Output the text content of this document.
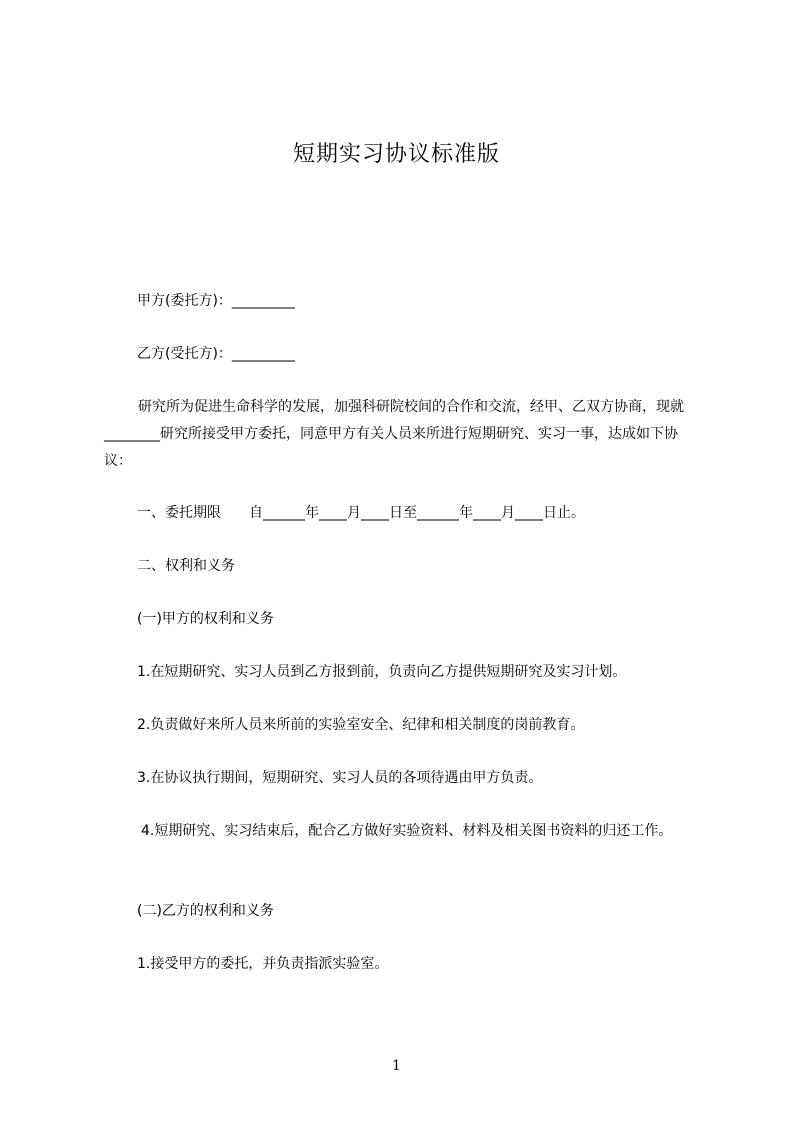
短期实习协议标准版
甲方(委托方)：_________
乙方(受托方)：_________
研究所为促进生命科学的发展，加强科研院校间的合作和交流，经甲、乙双方协商，现就________研究所接受甲方委托，同意甲方有关人员来所进行短期研究、实习一事，达成如下协议：
一、委托期限 自______年____月____日至______年____月____日止。
二、权利和义务
(一)甲方的权利和义务
1.在短期研究、实习人员到乙方报到前，负责向乙方提供短期研究及实习计划。
2.负责做好来所人员来所前的实验室安全、纪律和相关制度的岗前教育。
3.在协议执行期间，短期研究、实习人员的各项待遇由甲方负责。
4.短期研究、实习结束后，配合乙方做好实验资料、材料及相关图书资料的归还工作。
(二)乙方的权利和义务
1.接受甲方的委托，并负责指派实验室。
1
